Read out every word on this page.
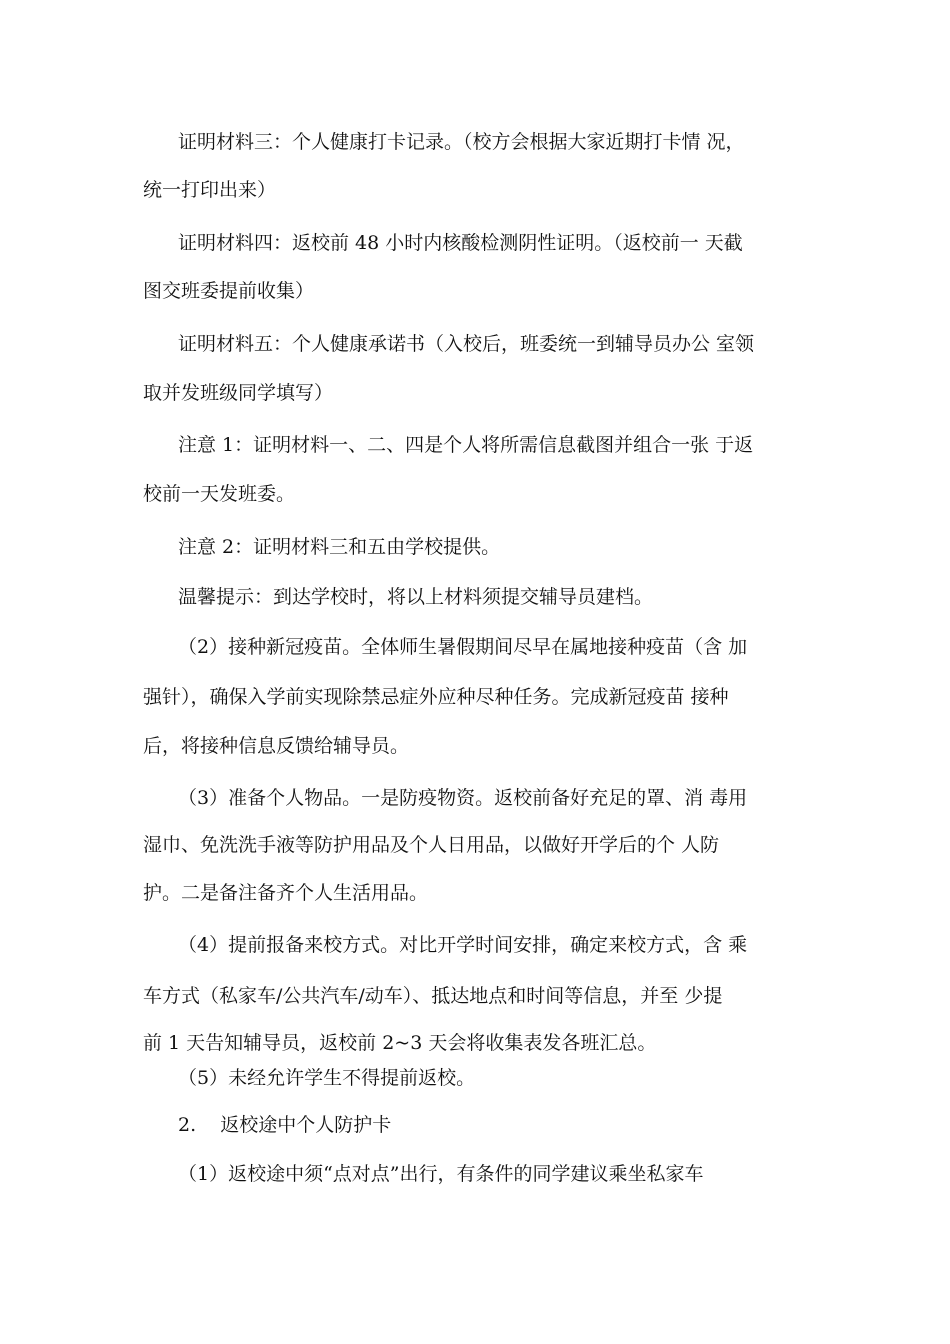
证明材料三：个人健康打卡记录。（校方会根据大家近期打卡情 况，
统一打印出来）
证明材料四：返校前 48 小时内核酸检测阴性证明。（返校前一 天截
图交班委提前收集）
证明材料五：个人健康承诺书（入校后，班委统一到辅导员办公 室领
取并发班级同学填写）
注意 1：证明材料一、二、四是个人将所需信息截图并组合一张 于返
校前一天发班委。
注意 2：证明材料三和五由学校提供。
温馨提示：到达学校时，将以上材料须提交辅导员建档。
（2）接种新冠疫苗。全体师生暑假期间尽早在属地接种疫苗（含 加
强针），确保入学前实现除禁忌症外应种尽种任务。完成新冠疫苗 接种
后，将接种信息反馈给辅导员。
（3）准备个人物品。一是防疫物资。返校前备好充足的罩、消 毒用
湿巾、免洗洗手液等防护用品及个人日用品，以做好开学后的个 人防
护。二是备注备齐个人生活用品。
（4）提前报备来校方式。对比开学时间安排，确定来校方式，含 乘
车方式（私家车/公共汽车/动车）、抵达地点和时间等信息，并至 少提
前 1 天告知辅导员，返校前 2~3 天会将收集表发各班汇总。
（5）未经允许学生不得提前返校。
2.    返校途中个人防护卡
（1）返校途中须“点对点”出行，有条件的同学建议乘坐私家车
